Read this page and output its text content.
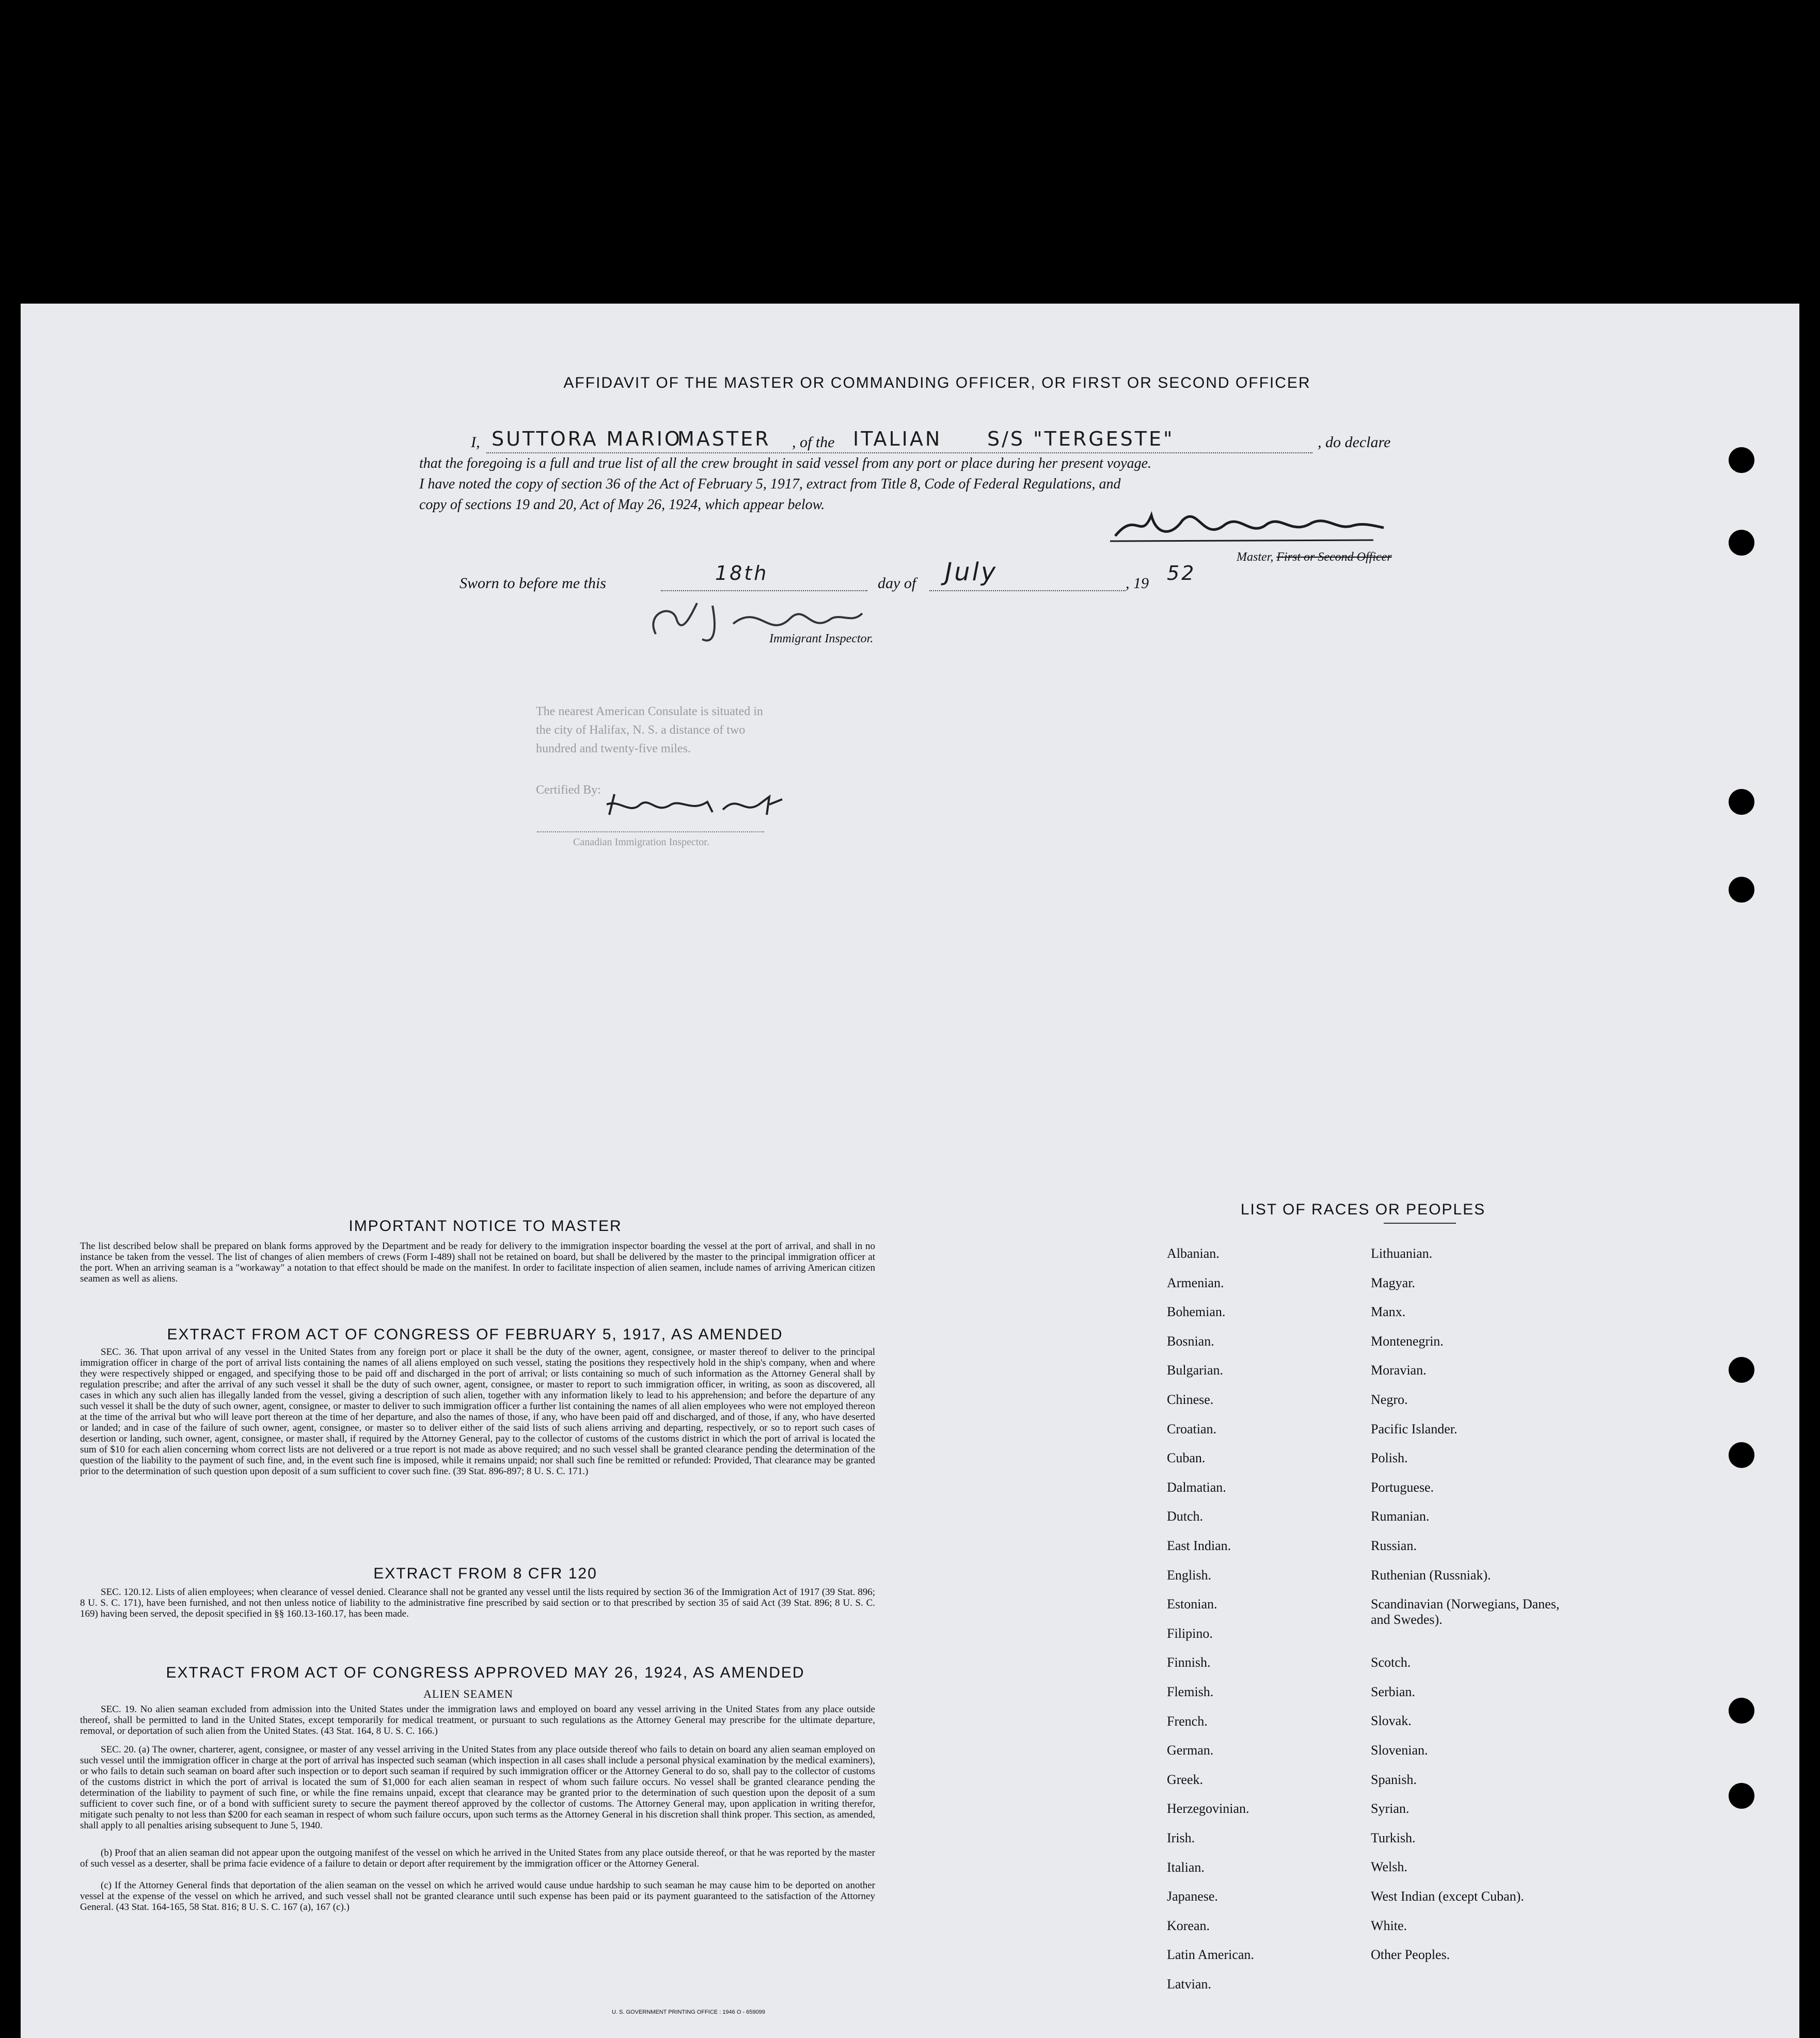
AFFIDAVIT OF THE MASTER OR COMMANDING OFFICER, OR FIRST OR SECOND OFFICER
I, SUTTORA MARIO
MASTER , of the ITALIAN S/S "TERGESTE"	, do declare
that the foregoing is a full and true list of all the crew brought in said vessel from any port or place during her present voyage.
I have noted the copy of section 36 of the Act of February 5, 1917, extract from Title 8, Code of Federal Regulations, and
copy of sections 19 and 20, Act of May 26, 1924, which appear below.
Master, First or Second Officer
Sworn to before me this	18th	day of July	, 19 52
Immigrant Inspector.
The nearest American Consulate is situated in the city of Halifax, N. S. a distance of two hundred and twenty-five miles.
Certified By:
Canadian Immigration Inspector.
IMPORTANT NOTICE TO MASTER
The list described below shall be prepared on blank forms approved by the Department and be ready for delivery to the immigration inspector boarding the vessel at the port of arrival, and shall in no instance be taken from the vessel. The list of changes of alien members of crews (Form I-489) shall not be retained on board, but shall be delivered by the master to the principal immigration officer at the port. When an arriving seaman is a "workaway" a notation to that effect should be made on the manifest. In order to facilitate inspection of alien seamen, include names of arriving American citizen seamen as well as aliens.
EXTRACT FROM ACT OF CONGRESS OF FEBRUARY 5, 1917, AS AMENDED
SEC. 36. That upon arrival of any vessel in the United States from any foreign port or place it shall be the duty of the owner, agent, consignee, or master thereof to deliver to the principal immigration officer in charge of the port of arrival lists containing the names of all aliens employed on such vessel, stating the positions they respectively hold in the ship's company, when and where they were respectively shipped or engaged, and specifying those to be paid off and discharged in the port of arrival; or lists containing so much of such information as the Attorney General shall by regulation prescribe; and after the arrival of any such vessel it shall be the duty of such owner, agent, consignee, or master to report to such immigration officer, in writing, as soon as discovered, all cases in which any such alien has illegally landed from the vessel, giving a description of such alien, together with any information likely to lead to his apprehension; and before the departure of any such vessel it shall be the duty of such owner, agent, consignee, or master to deliver to such immigration officer a further list containing the names of all alien employees who were not employed thereon at the time of the arrival but who will leave port thereon at the time of her departure, and also the names of those, if any, who have been paid off and discharged, and of those, if any, who have deserted or landed; and in case of the failure of such owner, agent, consignee, or master so to deliver either of the said lists of such aliens arriving and departing, respectively, or so to report such cases of desertion or landing, such owner, agent, consignee, or master shall, if required by the Attorney General, pay to the collector of customs of the customs district in which the port of arrival is located the sum of $10 for each alien concerning whom correct lists are not delivered or a true report is not made as above required; and no such vessel shall be granted clearance pending the determination of the question of the liability to the payment of such fine, and, in the event such fine is imposed, while it remains unpaid; nor shall such fine be remitted or refunded: Provided, That clearance may be granted prior to the determination of such question upon deposit of a sum sufficient to cover such fine. (39 Stat. 896-897; 8 U. S. C. 171.)
EXTRACT FROM 8 CFR 120
SEC. 120.12. Lists of alien employees; when clearance of vessel denied. Clearance shall not be granted any vessel until the lists required by section 36 of the Immigration Act of 1917 (39 Stat. 896; 8 U. S. C. 171), have been furnished, and not then unless notice of liability to the administrative fine prescribed by said section or to that prescribed by section 35 of said Act (39 Stat. 896; 8 U. S. C. 169) having been served, the deposit specified in §§ 160.13-160.17, has been made.
EXTRACT FROM ACT OF CONGRESS APPROVED MAY 26, 1924, AS AMENDED
ALIEN SEAMEN
SEC. 19. No alien seaman excluded from admission into the United States under the immigration laws and employed on board any vessel arriving in the United States from any place outside thereof, shall be permitted to land in the United States, except temporarily for medical treatment, or pursuant to such regulations as the Attorney General may prescribe for the ultimate departure, removal, or deportation of such alien from the United States. (43 Stat. 164, 8 U. S. C. 166.)
SEC. 20. (a) The owner, charterer, agent, consignee, or master of any vessel arriving in the United States from any place outside thereof who fails to detain on board any alien seaman employed on such vessel until the immigration officer in charge at the port of arrival has inspected such seaman (which inspection in all cases shall include a personal physical examination by the medical examiners), or who fails to detain such seaman on board after such inspection or to deport such seaman if required by such immigration officer or the Attorney General to do so, shall pay to the collector of customs of the customs district in which the port of arrival is located the sum of $1,000 for each alien seaman in respect of whom such failure occurs. No vessel shall be granted clearance pending the determination of the liability to payment of such fine, or while the fine remains unpaid, except that clearance may be granted prior to the determination of such question upon the deposit of a sum sufficient to cover such fine, or of a bond with sufficient surety to secure the payment thereof approved by the collector of customs. The Attorney General may, upon application in writing therefor, mitigate such penalty to not less than $200 for each seaman in respect of whom such failure occurs, upon such terms as the Attorney General in his discretion shall think proper. This section, as amended, shall apply to all penalties arising subsequent to June 5, 1940.
(b) Proof that an alien seaman did not appear upon the outgoing manifest of the vessel on which he arrived in the United States from any place outside thereof, or that he was reported by the master of such vessel as a deserter, shall be prima facie evidence of a failure to detain or deport after requirement by the immigration officer or the Attorney General.
(c) If the Attorney General finds that deportation of the alien seaman on the vessel on which he arrived would cause undue hardship to such seaman he may cause him to be deported on another vessel at the expense of the vessel on which he arrived, and such vessel shall not be granted clearance until such expense has been paid or its payment guaranteed to the satisfaction of the Attorney General. (43 Stat. 164-165, 58 Stat. 816; 8 U. S. C. 167 (a), 167 (c).)
U. S. GOVERNMENT PRINTING OFFICE : 1946 O - 659099
LIST OF RACES OR PEOPLES
Albanian.
Armenian.
Bohemian.
Bosnian.
Bulgarian.
Chinese.
Croatian.
Cuban.
Dalmatian.
Dutch.
East Indian.
English.
Estonian.
Filipino.
Finnish.
Flemish.
French.
German.
Greek.
Herzegovinian.
Irish.
Italian.
Japanese.
Korean.
Latin American.
Latvian.
Lithuanian.
Magyar.
Manx.
Montenegrin.
Moravian.
Negro.
Pacific Islander.
Polish.
Portuguese.
Rumanian.
Russian.
Ruthenian (Russniak).
Scandinavian (Norwegians, Danes, and Swedes).
Scotch.
Serbian.
Slovak.
Slovenian.
Spanish.
Syrian.
Turkish.
Welsh.
West Indian (except Cuban).
White.
Other Peoples.
